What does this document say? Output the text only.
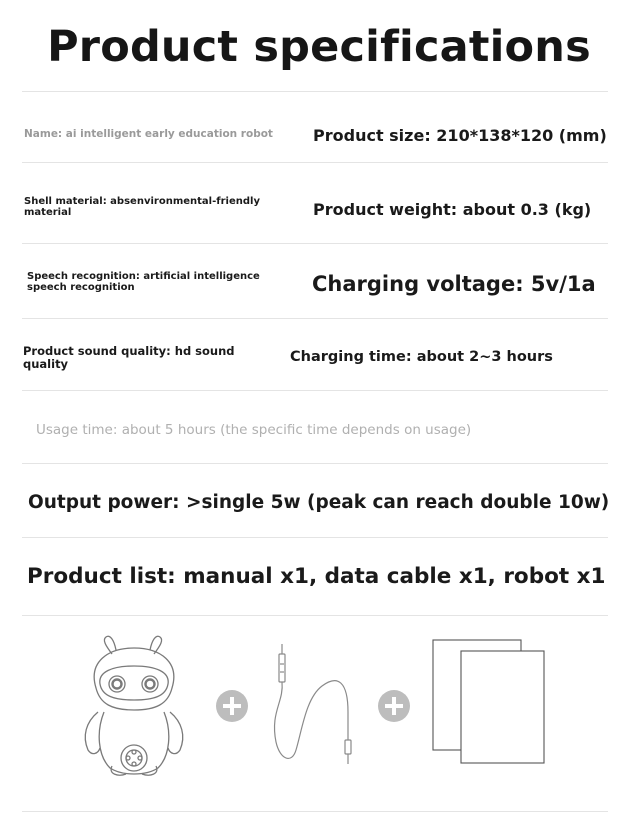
Product specifications
Name: ai intelligent early education robot	Product size: 210*138*120 (mm)
Shell material: absenvironmental-friendly material	Product weight: about 0.3 (kg)
Speech recognition: artificial intelligence speech recognition	Charging voltage: 5v/1a
Product sound quality: hd sound quality	Charging time: about 2~3 hours
Usage time: about 5 hours (the specific time depends on usage)
Output power: >single 5w (peak can reach double 10w)
Product list: manual x1, data cable x1, robot x1
